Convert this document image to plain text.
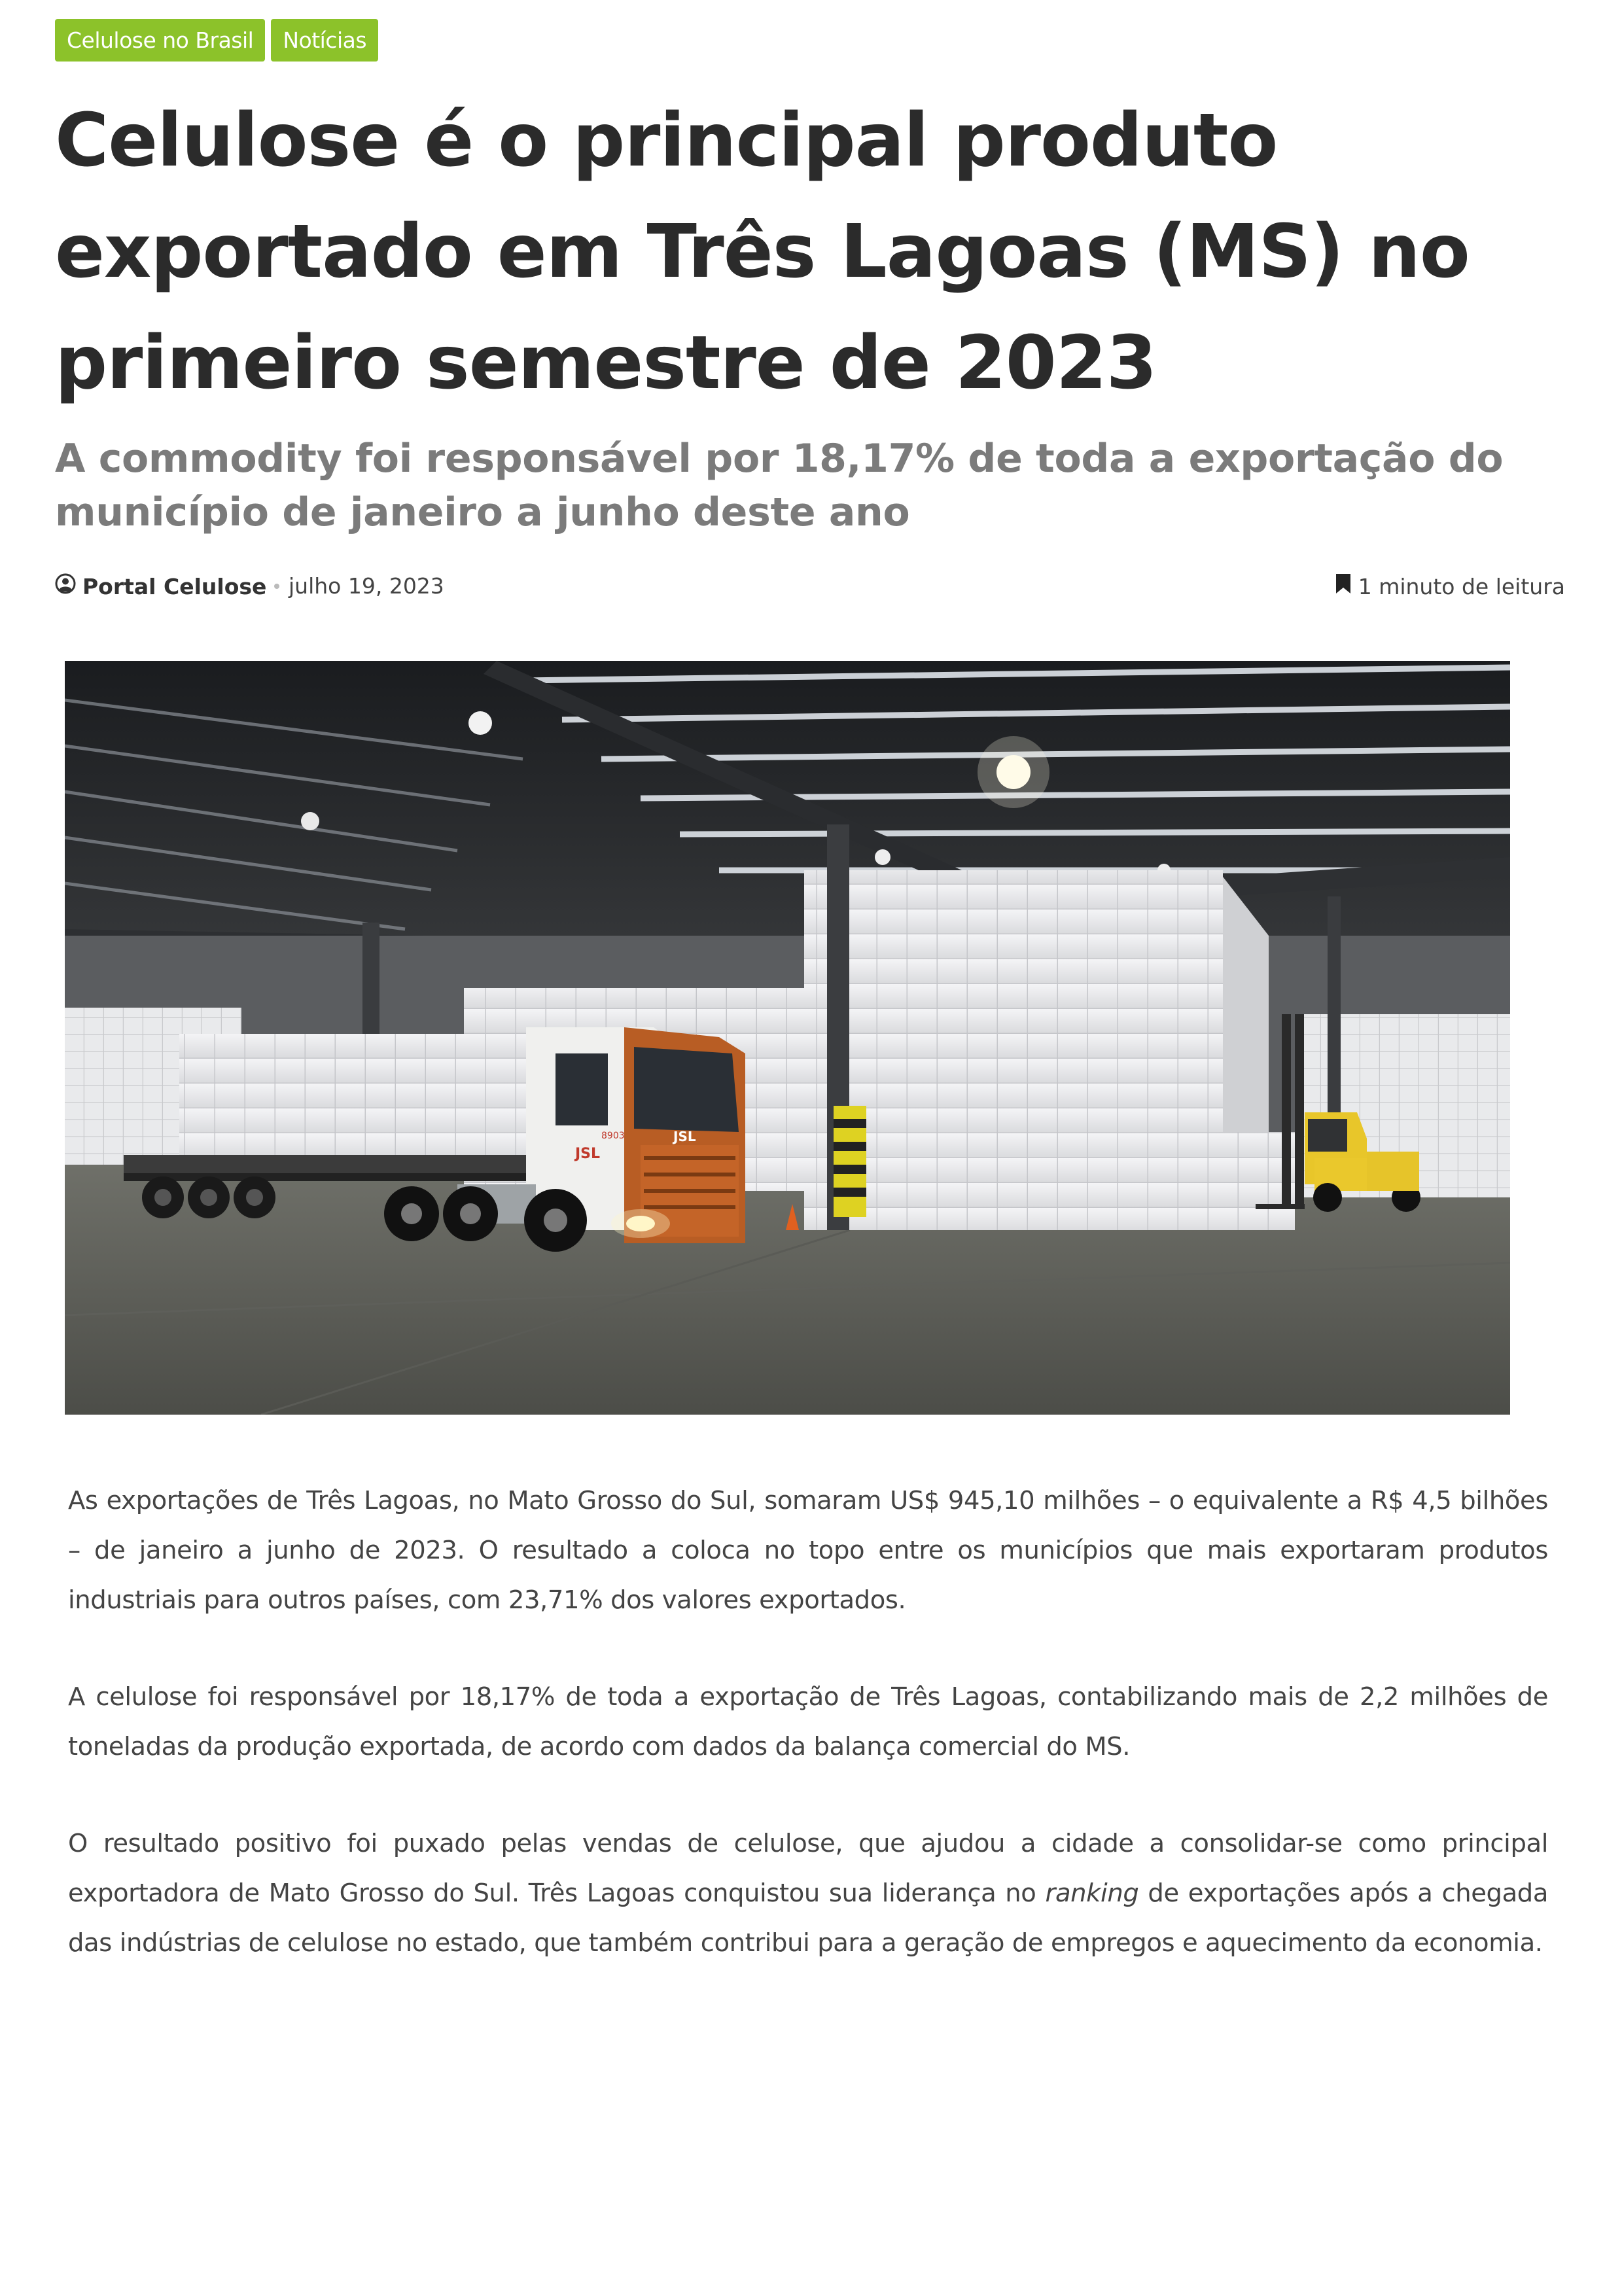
Celulose no Brasil	Notícias
Celulose é o principal produto exportado em Três Lagoas (MS) no primeiro semestre de 2023
A commodity foi responsável por 18,17% de toda a exportação do município de janeiro a junho deste ano
Portal Celulose julho 19, 2023	1 minuto de leitura
JSL
JSL
8903

As exportações de Três Lagoas, no Mato Grosso do Sul, somaram US$ 945,10 milhões – o equivalente a R$ 4,5 bilhões – de janeiro a junho de 2023. O resultado a coloca no topo entre os municípios que mais exportaram produtos industriais para outros países, com 23,71% dos valores exportados.

A celulose foi responsável por 18,17% de toda a exportação de Três Lagoas, contabilizando mais de 2,2 milhões de toneladas da produção exportada, de acordo com dados da balança comercial do MS.

O resultado positivo foi puxado pelas vendas de celulose, que ajudou a cidade a consolidar-se como principal exportadora de Mato Grosso do Sul. Três Lagoas conquistou sua liderança no ranking de exportações após a chegada das indústrias de celulose no estado, que também contribui para a geração de empregos e aquecimento da economia.
